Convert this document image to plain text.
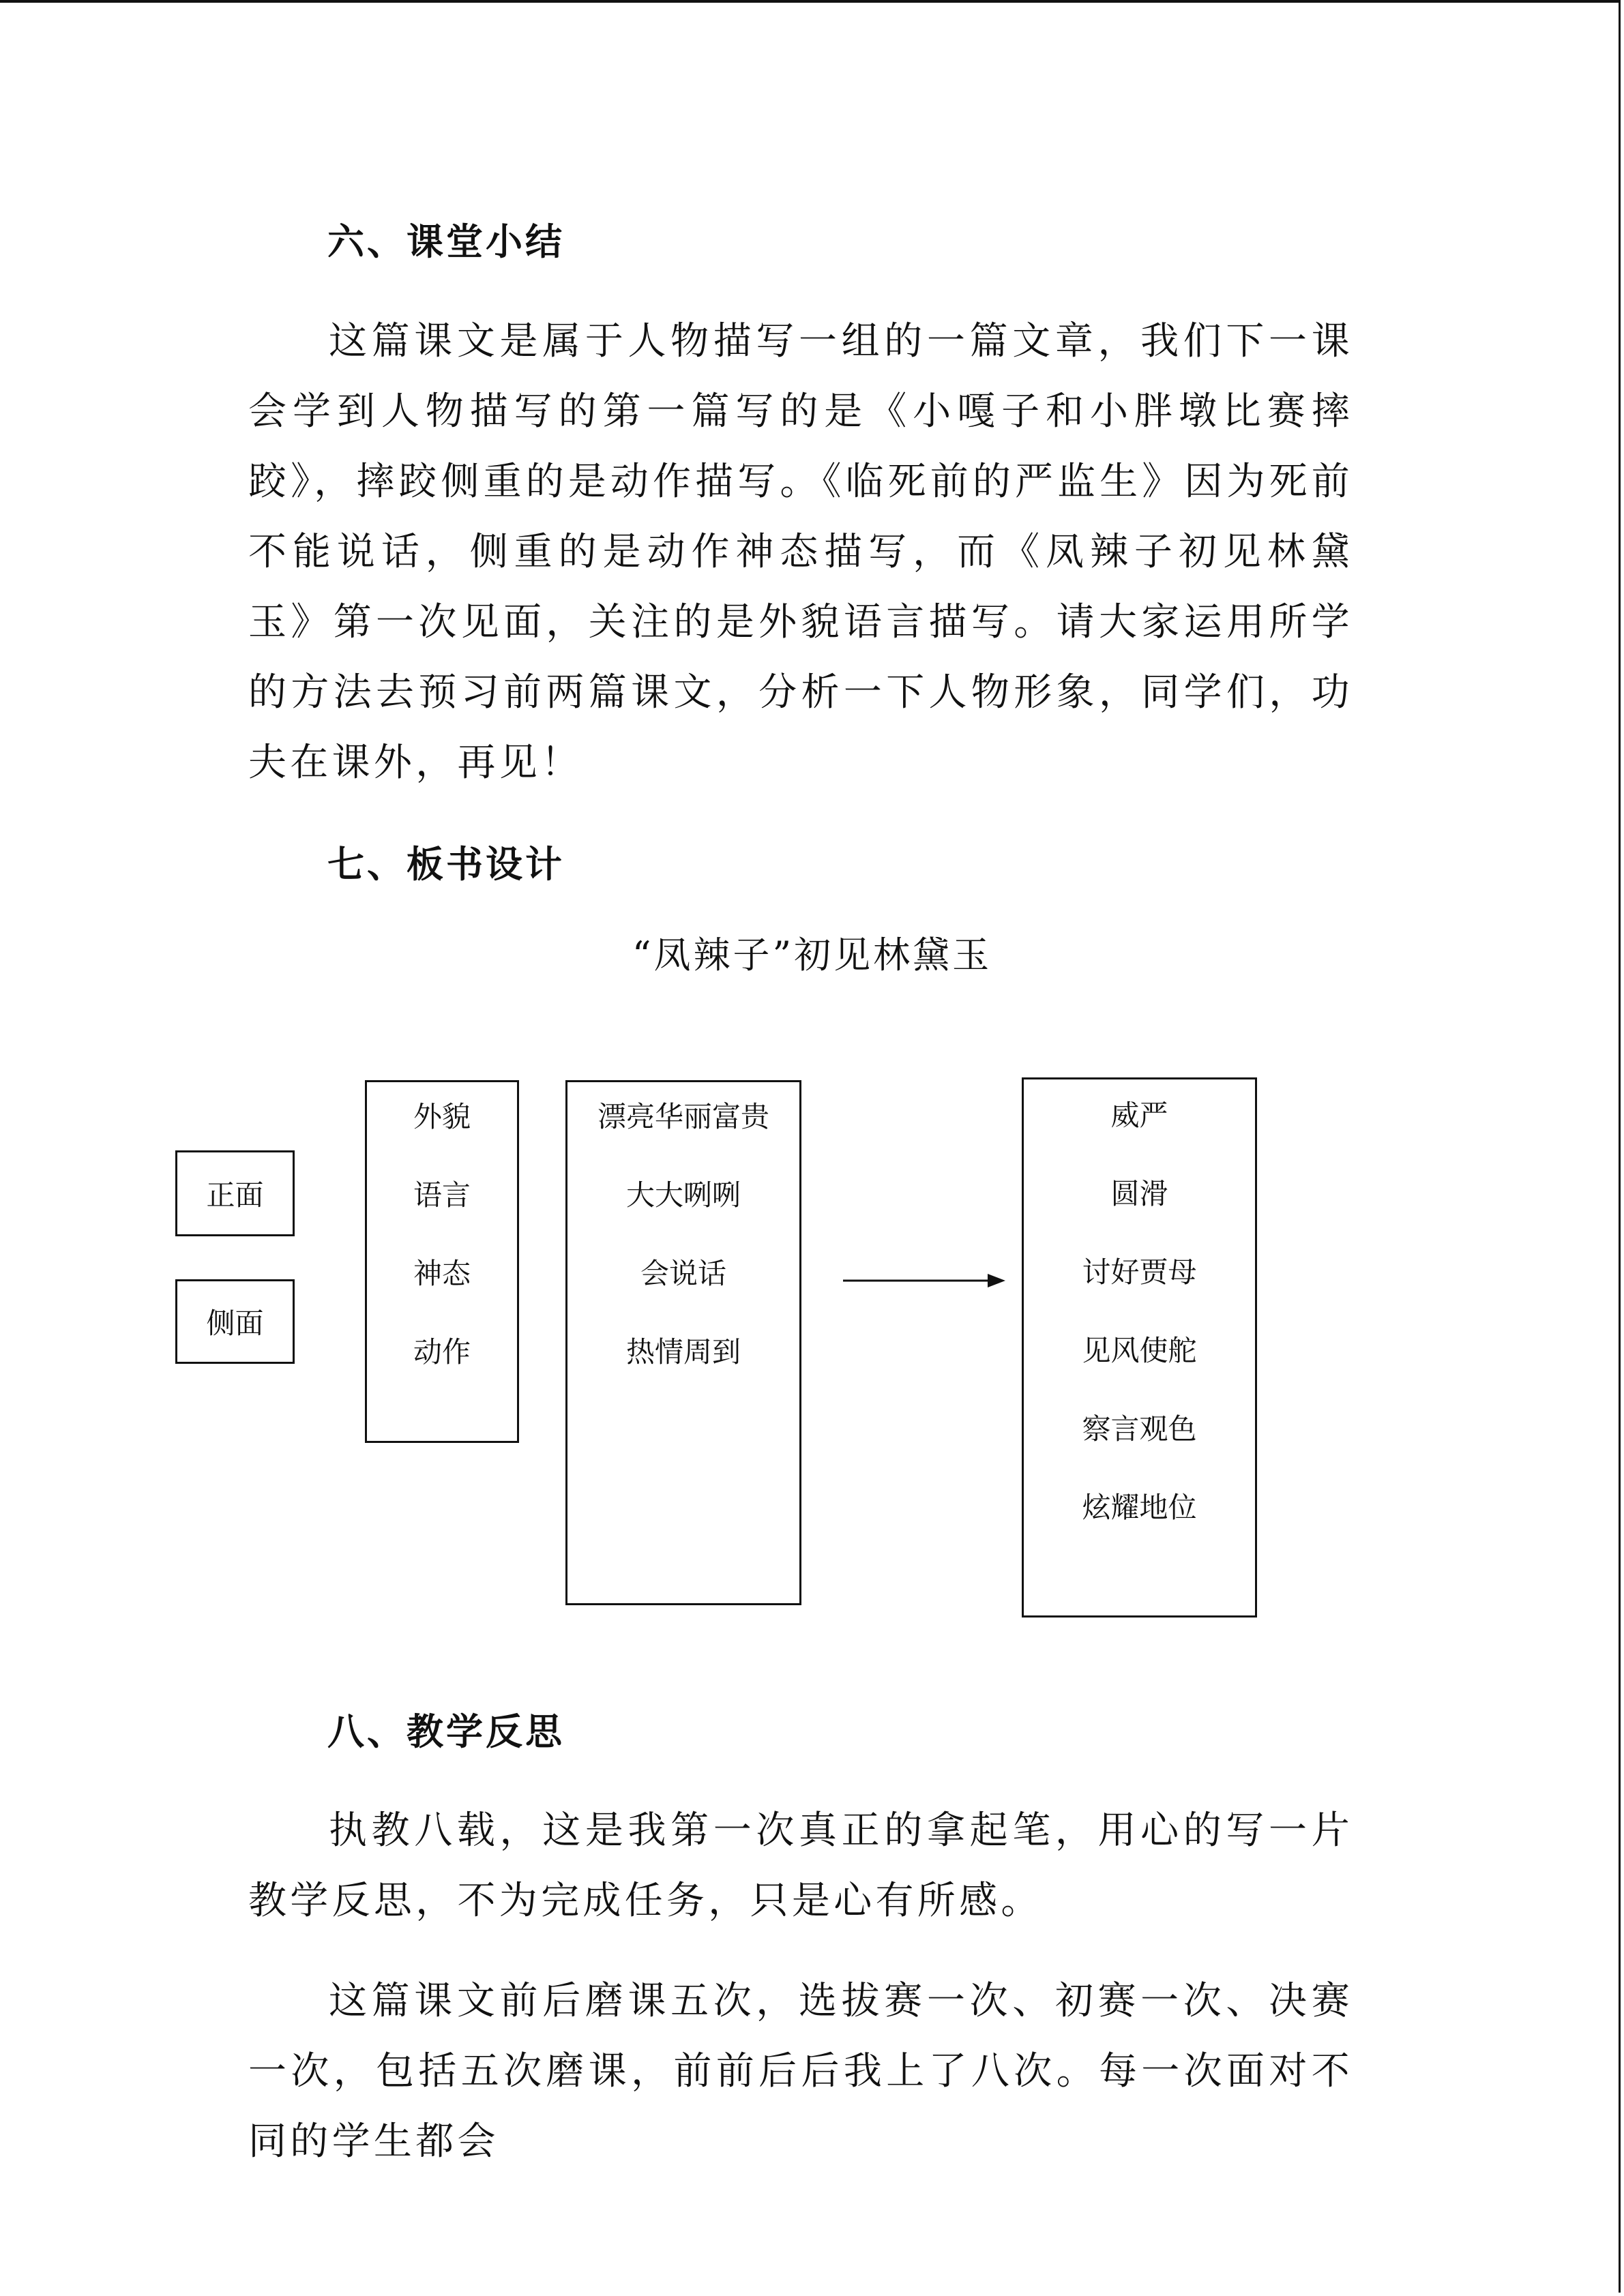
六、课堂小结

这篇课文是属于人物描写一组的一篇文章，我们下一课会学到人物描写的第一篇写的是《小嘎子和小胖墩比赛摔跤》，摔跤侧重的是动作描写。《临死前的严监生》因为死前不能说话，侧重的是动作神态描写，而《凤辣子初见林黛玉》第一次见面，关注的是外貌语言描写。请大家运用所学的方法去预习前两篇课文，分析一下人物形象，同学们，功夫在课外，再见！

七、板书设计

“凤辣子”初见林黛玉

正面
侧面
外貌
语言
神态
动作
漂亮华丽富贵
大大咧咧
会说话
热情周到
威严
圆滑
讨好贾母
见风使舵
察言观色
炫耀地位
八、教学反思

执教八载，这是我第一次真正的拿起笔，用心的写一片教学反思，不为完成任务，只是心有所感。

这篇课文前后磨课五次，选拔赛一次、初赛一次、决赛一次，包括五次磨课，前前后后我上了八次。每一次面对不同的学生都会
